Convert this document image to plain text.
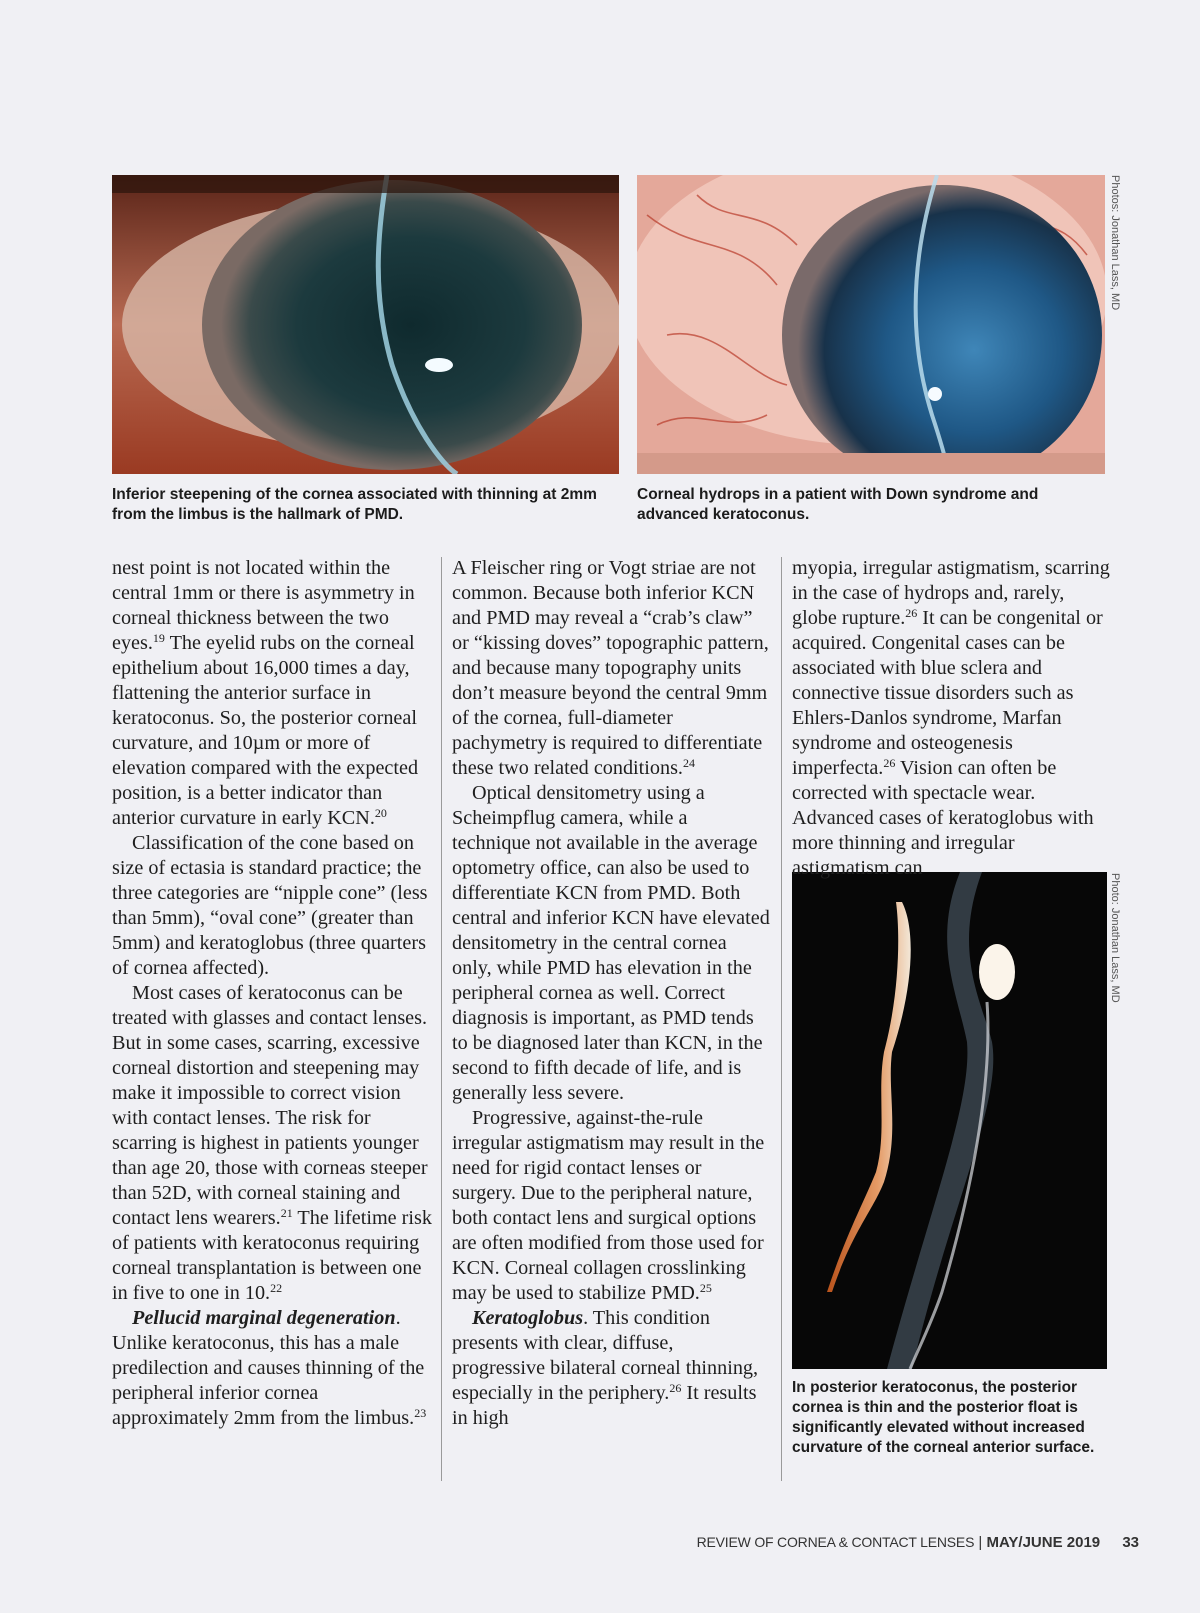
Photos: Jonathan Lass, MD
Photo: Jonathan Lass, MD
Inferior steepening of the cornea associated with thinning at 2mm from the limbus is the hallmark of PMD.
Corneal hydrops in a patient with Down syndrome and advanced keratoconus.
In posterior keratoconus, the posterior cornea is thin and the posterior float is significantly elevated without increased curvature of the corneal anterior surface.

nest point is not located within the central 1mm or there is asymmetry in corneal thickness between the two eyes.$^{19}$ The eyelid rubs on the corneal epithelium about 16,000 times a day, flattening the anterior surface in keratoconus. So, the posterior corneal curvature, and 10µm or more of elevation compared with the expected position, is a better indicator than anterior curvature in early KCN.$^{20}$

Classification of the cone based on size of ectasia is standard practice; the three categories are “nipple cone” (less than 5mm), “oval cone” (greater than 5mm) and keratoglobus (three quarters of cornea affected).

Most cases of keratoconus can be treated with glasses and contact lenses. But in some cases, scarring, excessive corneal distortion and steepening may make it impossible to correct vision with contact lenses. The risk for scarring is highest in patients younger than age 20, those with corneas steeper than 52D, with corneal staining and contact lens wearers.$^{21}$ The lifetime risk of patients with keratoconus requiring corneal transplantation is between one in five to one in 10.22

Pellucid marginal degeneration. Unlike keratoconus, this has a male predilection and causes thinning of the peripheral inferior cornea approximately 2mm from the limbus.$^{23}$

A Fleischer ring or Vogt striae are not common. Because both inferior KCN and PMD may reveal a “crab’s claw” or “kissing doves” topographic pattern, and because many topography units don’t measure beyond the central 9mm of the cornea, full-diameter pachymetry is required to differentiate these two related conditions.$^{24}$

Optical densitometry using a Scheimpflug camera, while a technique not available in the average optometry office, can also be used to differentiate KCN from PMD. Both central and inferior KCN have elevated densitometry in the central cornea only, while PMD has elevation in the peripheral cornea as well. Correct diagnosis is important, as PMD tends to be diagnosed later than KCN, in the second to fifth decade of life, and is generally less severe.

Progressive, against-the-rule irregular astigmatism may result in the need for rigid contact lenses or surgery. Due to the peripheral nature, both contact lens and surgical options are often modified from those used for KCN. Corneal collagen crosslinking may be used to stabilize PMD.$^{25}$

Keratoglobus. This condition presents with clear, diffuse, progressive bilateral corneal thinning, especially in the periphery.$^{26}$ It results in high

myopia, irregular astigmatism, scarring in the case of hydrops and, rarely, globe rupture.$^{26}$ It can be congenital or acquired. Congenital cases can be associated with blue sclera and connective tissue disorders such as Ehlers-Danlos syndrome, Marfan syndrome and osteogenesis imperfecta.$^{26}$ Vision can often be corrected with spectacle wear. Advanced cases of keratoglobus with more thinning and irregular astigmatism can

REVIEW OF CORNEA & CONTACT LENSES | MAY/JUNE 2019 33
